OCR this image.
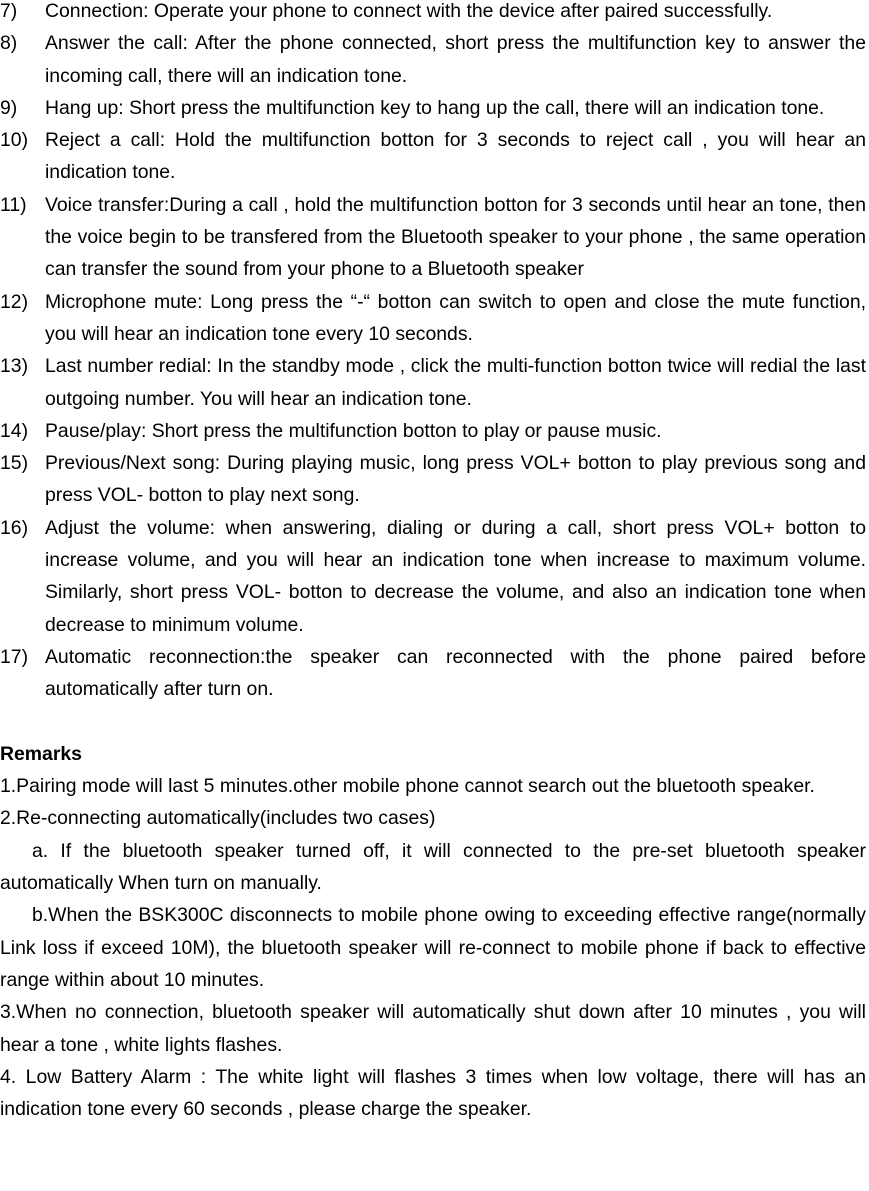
7) Connection: Operate your phone to connect with the device after paired successfully.
8) Answer the call: After the phone connected, short press the multifunction key to answer the incoming call, there will an indication tone.
9) Hang up: Short press the multifunction key to hang up the call, there will an indication tone.
10) Reject a call: Hold the multifunction botton for 3 seconds to reject call , you will hear an indication tone.
11) Voice transfer:During a call , hold the multifunction botton for 3 seconds until hear an tone, then the voice begin to be transfered from the Bluetooth speaker to your phone , the same operation can transfer the sound from your phone to a Bluetooth speaker
12) Microphone mute: Long press the “-“ botton can switch to open and close the mute function, you will hear an indication tone every 10 seconds.
13) Last number redial: In the standby mode , click the multi-function botton twice will redial the last outgoing number. You will hear an indication tone.
14) Pause/play: Short press the multifunction botton to play or pause music.
15) Previous/Next song: During playing music, long press VOL+ botton to play previous song and press VOL- botton to play next song.
16) Adjust the volume: when answering, dialing or during a call, short press VOL+ botton to increase volume, and you will hear an indication tone when increase to maximum volume. Similarly, short press VOL- botton to decrease the volume, and also an indication tone when decrease to minimum volume.
17) Automatic reconnection:the speaker can reconnected with the phone paired before automatically after turn on.
Remarks
1.Pairing mode will last 5 minutes.other mobile phone cannot search out the bluetooth speaker.
2.Re-connecting automatically(includes two cases)
a. If the bluetooth speaker turned off, it will connected to the pre-set bluetooth speaker automatically When turn on manually.
b.When the BSK300C disconnects to mobile phone owing to exceeding effective range(normally Link loss if exceed 10M), the bluetooth speaker will re-connect to mobile phone if back to effective range within about 10 minutes.
3.When no connection, bluetooth speaker will automatically shut down after 10 minutes , you will hear a tone , white lights flashes.
4. Low Battery Alarm : The white light will flashes 3 times when low voltage, there will has an indication tone every 60 seconds , please charge the speaker.
